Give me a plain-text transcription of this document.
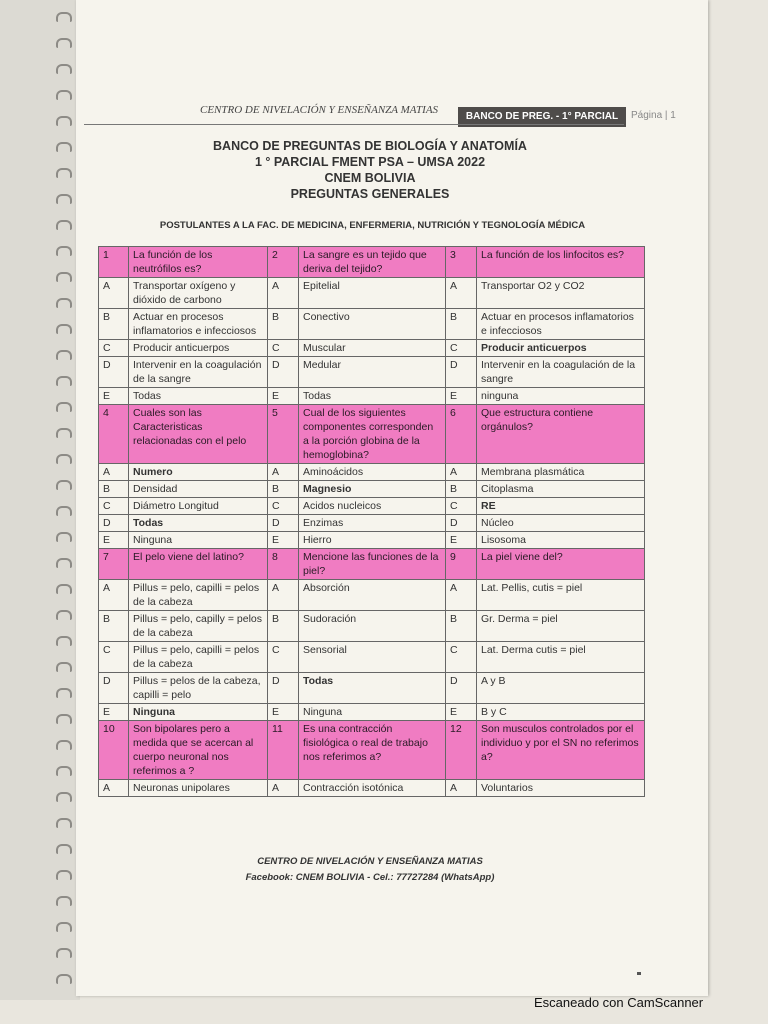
CENTRO DE NIVELACIÓN Y ENSEÑANZA MATIAS
BANCO DE PREG. - 1° PARCIAL	Página | 1
BANCO DE PREGUNTAS DE BIOLOGÍA Y ANATOMÍA
1 ° PARCIAL FMENT PSA – UMSA 2022
CNEM BOLIVIA
PREGUNTAS GENERALES
POSTULANTES A LA FAC. DE MEDICINA, ENFERMERIA, NUTRICIÓN Y TEGNOLOGÍA MÉDICA
1	La función de los neutrófilos es?	2	La sangre es un tejido que deriva del tejido?	3	La función de los linfocitos es?
A	Transportar oxígeno y dióxido de carbono	A	Epitelial	A	Transportar O2 y CO2
B	Actuar en procesos inflamatorios e infecciosos	B	Conectivo	B	Actuar en procesos inflamatorios e infecciosos
C	Producir anticuerpos	C	Muscular	C	Producir anticuerpos
D	Intervenir en la coagulación de la sangre	D	Medular	D	Intervenir en la coagulación de la sangre
E	Todas	E	Todas	E	ninguna
4	Cuales son las Caracteristicas relacionadas con el pelo	5	Cual de los siguientes componentes corresponden a la porción globina de la hemoglobina?	6	Que estructura contiene orgánulos?
A	Numero	A	Aminoácidos	A	Membrana plasmática
B	Densidad	B	Magnesio	B	Citoplasma
C	Diámetro Longitud	C	Acidos nucleicos	C	RE
D	Todas	D	Enzimas	D	Núcleo
E	Ninguna	E	Hierro	E	Lisosoma
7	El pelo viene del latino?	8	Mencione las funciones de la piel?	9	La piel viene del?
A	Pillus = pelo, capilli = pelos de la cabeza	A	Absorción	A	Lat. Pellis, cutis = piel
B	Pillus = pelo, capilly = pelos de la cabeza	B	Sudoración	B	Gr. Derma = piel
C	Pillus = pelo, capilli = pelos de la cabeza	C	Sensorial	C	Lat. Derma cutis = piel
D	Pillus = pelos de la cabeza, capilli = pelo	D	Todas	D	A y B
E	Ninguna	E	Ninguna	E	B y C
10	Son bipolares pero a medida que se acercan al cuerpo neuronal nos referimos a ?	11	Es una contracción fisiológica o real de trabajo nos referimos a?	12	Son musculos controlados por el individuo y por el SN no referimos a?
A	Neuronas unipolares	A	Contracción isotónica	A	Voluntarios
CENTRO DE NIVELACIÓN Y ENSEÑANZA MATIAS
Facebook: CNEM BOLIVIA - Cel.: 77727284 (WhatsApp)
Escaneado con CamScanner
